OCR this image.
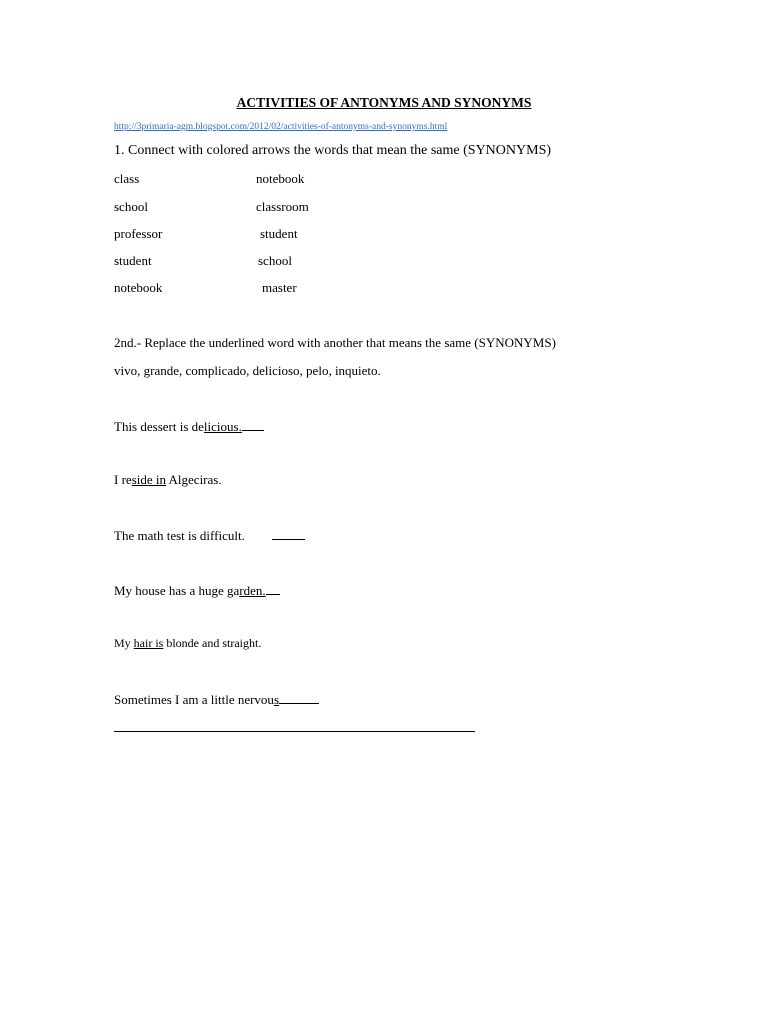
ACTIVITIES OF ANTONYMS AND SYNONYMS
http://3primaria-agm.blogspot.com/2012/02/activities-of-antonyms-and-synonyms.html
1. Connect with colored arrows the words that mean the same (SYNONYMS)
class
school
professor
student
notebook
notebook
classroom
student
school
master
2nd.- Replace the underlined word with another that means the same (SYNONYMS)
vivo, grande, complicado, delicioso, pelo, inquieto.
This dessert is delicious.
I reside in Algeciras.
The math test is difficult.
My house has a huge garden.
My hair is blonde and straight.
Sometimes I am a little nervous
